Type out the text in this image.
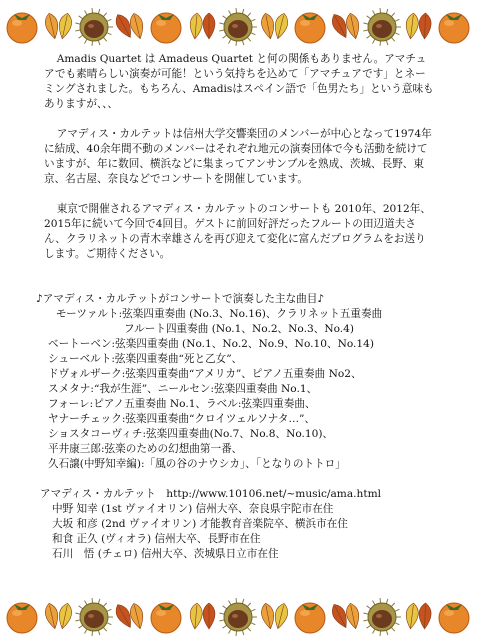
Amadis Quartet は Amadeus Quartet と何の関係もありません。アマチュアでも素晴らしい演奏が可能！という気持ちを込めて「アマチュアです」とネーミングされました。もちろん、Amadisはスペイン語で「色男たち」という意味もありますが、、、

アマディス・カルテットは信州大学交響楽団のメンバーが中心となって1974年に結成、40余年間不動のメンバーはそれぞれ地元の演奏団体で今も活動を続けていますが、年に数回、横浜などに集まってアンサンブルを熟成、茨城、長野、東京、名古屋、奈良などでコンサートを開催しています。

東京で開催されるアマディス・カルテットのコンサートも 2010年、2012年、2015年に続いて今回で4回目。ゲストに前回好評だったフルートの田辺道夫さん、クラリネットの青木幸雄さんを再び迎えて変化に富んだプログラムをお送りします。ご期待ください。

♪アマディス・カルテットがコンサートで演奏した主な曲目♪

モーツァルト:弦楽四重奏曲 (No.3、No.16)、クラリネット五重奏曲

フルート四重奏曲 (No.1、No.2、No.3、No.4)

ベートーベン:弦楽四重奏曲 (No.1、No.2、No.9、No.10、No.14)

シューベルト:弦楽四重奏曲“死と乙女”、

ドヴォルザーク:弦楽四重奏曲“アメリカ”、ピアノ五重奏曲 No2、

スメタナ:“我が生涯”、ニールセン:弦楽四重奏曲 No.1、

フォーレ:ピアノ五重奏曲 No.1、ラベル:弦楽四重奏曲、

ヤナーチェック:弦楽四重奏曲“クロイツェルソナタ…”、

ショスタコーヴィチ:弦楽四重奏曲(No.7、No.8、No.10)、

平井康三郎:弦楽のための幻想曲第一番、

久石譲(中野知幸編):「風の谷のナウシカ」、「となりのトトロ」

アマディス・カルテット　http://www.10106.net/~music/ama.html

中野 知幸 (1st ヴァイオリン) 信州大卒、奈良県宇陀市在住

大坂 和彦 (2nd ヴァイオリン) 才能教育音楽院卒、横浜市在住

和食 正久 (ヴィオラ) 信州大卒、長野市在住

石川　悟 (チェロ) 信州大卒、茨城県日立市在住
